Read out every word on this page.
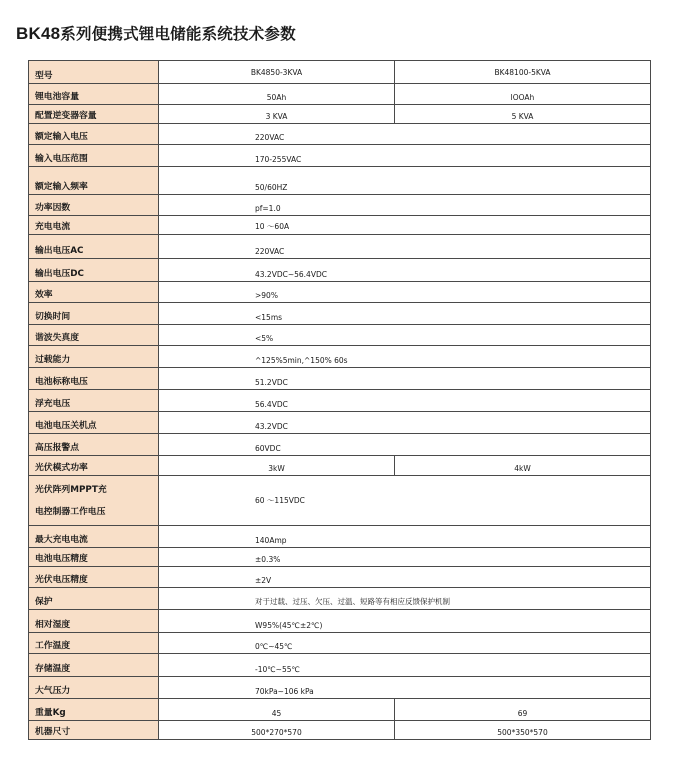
BK48系列便携式锂电储能系统技术参数
型号	BK4850-3KVA	BK48100-5KVA
锂电池容量	50Ah	lOOAh
配置逆变器容量	3 KVA	5 KVA
额定输入电压	220VAC	
输入电压范围	170-255VAC	
额定输入频率	50/60HZ	
功率因数	pf=1.0	
充电电流	10 ～60A	
输出电压AC	220VAC	
输出电压DC	43.2VDC~56.4VDC	
效率	>90%	
切换时间	<15ms	
谐波失真度	<5%	
过载能力	^125%5min,^150% 60s	
电池标称电压	51.2VDC	
浮充电压	56.4VDC	
电池电压关机点	43.2VDC	
高压报警点	60VDC	
光伏模式功率	3kW	4kW
光伏阵列MPPT充
电控制器工作电压	60 ～115VDC	
最大充电电流	140Amp	
电池电压精度	±0.3%	
光伏电压精度	±2V	
保护	对于过载、过压、欠压、过温、短路等有相应反馈保护机制	
相对湿度	W95%(45℃±2℃)	
工作温度	0℃~45℃	
存储温度	-10℃~55℃	
大气压力	70kPa~106 kPa	
重量Kg	45	69
机器尺寸	500*270*570	500*350*570
